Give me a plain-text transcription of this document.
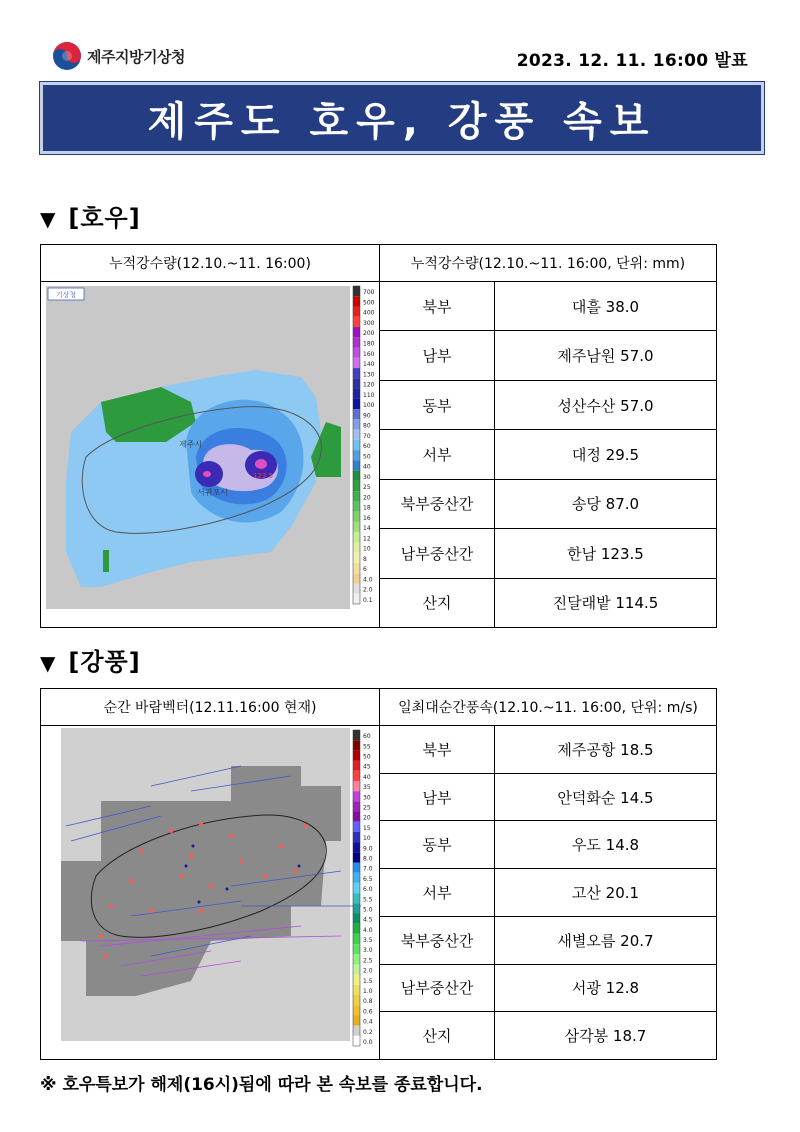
제주지방기상청	2023. 12. 11. 16:00 발표
제주도 호우, 강풍 속보
▼ [호우]
누적강수량(12.10.~11. 16:00)
기상청
제주시
서귀포시
123.5
700
500
400
300
200
180
160
140
130
120
110
100
90
80
70
60
50
40
30
25
20
18
16
14
12
10
8
6
4.0
2.0
0.1
누적강수량(12.10.~11. 16:00, 단위: mm)
북부	대흘 38.0
남부	제주남원 57.0
동부	성산수산 57.0
서부	대정 29.5
북부중산간	송당 87.0
남부중산간	한남 123.5
산지	진달래밭 114.5
▼ [강풍]
순간 바람벡터(12.11.16:00 현재)
60
55
50
45
40
35
30
25
20
15
10
9.0
8.0
7.0
6.5
6.0
5.5
5.0
4.5
4.0
3.5
3.0
2.5
2.0
1.5
1.0
0.8
0.6
0.4
0.2
0.0
일최대순간풍속(12.10.~11. 16:00, 단위: m/s)
북부	제주공항 18.5
남부	안덕화순 14.5
동부	우도 14.8
서부	고산 20.1
북부중산간	새별오름 20.7
남부중산간	서광 12.8
산지	삼각봉 18.7
※ 호우특보가 해제(16시)됨에 따라 본 속보를 종료합니다.
